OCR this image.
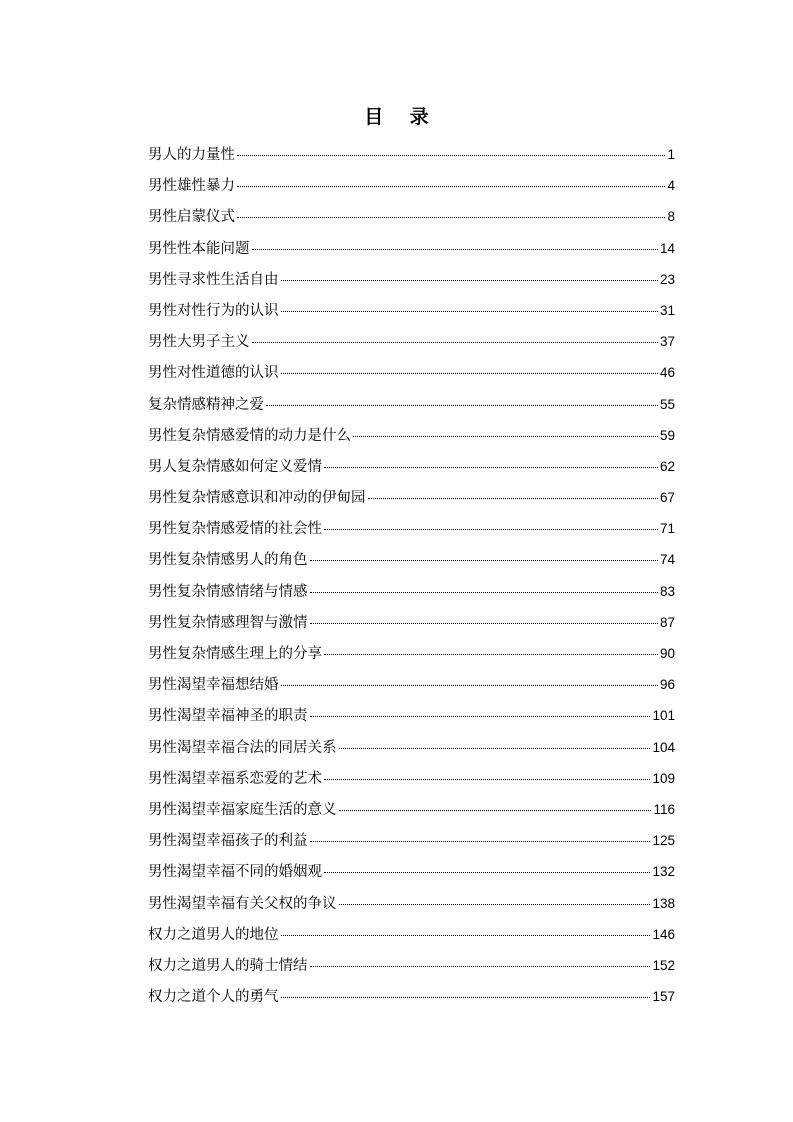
目 录
男人的力量性	1
男性雄性暴力	4
男性启蒙仪式	8
男性性本能问题	14
男性寻求性生活自由	23
男性对性行为的认识	31
男性大男子主义	37
男性对性道德的认识	46
复杂情感精神之爱	55
男性复杂情感爱情的动力是什么	59
男人复杂情感如何定义爱情	62
男性复杂情感意识和冲动的伊甸园	67
男性复杂情感爱情的社会性	71
男性复杂情感男人的角色	74
男性复杂情感情绪与情感	83
男性复杂情感理智与激情	87
男性复杂情感生理上的分享	90
男性渴望幸福想结婚	96
男性渴望幸福神圣的职责	101
男性渴望幸福合法的同居关系	104
男性渴望幸福系恋爱的艺术	109
男性渴望幸福家庭生活的意义	116
男性渴望幸福孩子的利益	125
男性渴望幸福不同的婚姻观	132
男性渴望幸福有关父权的争议	138
权力之道男人的地位	146
权力之道男人的骑士情结	152
权力之道个人的勇气	157
